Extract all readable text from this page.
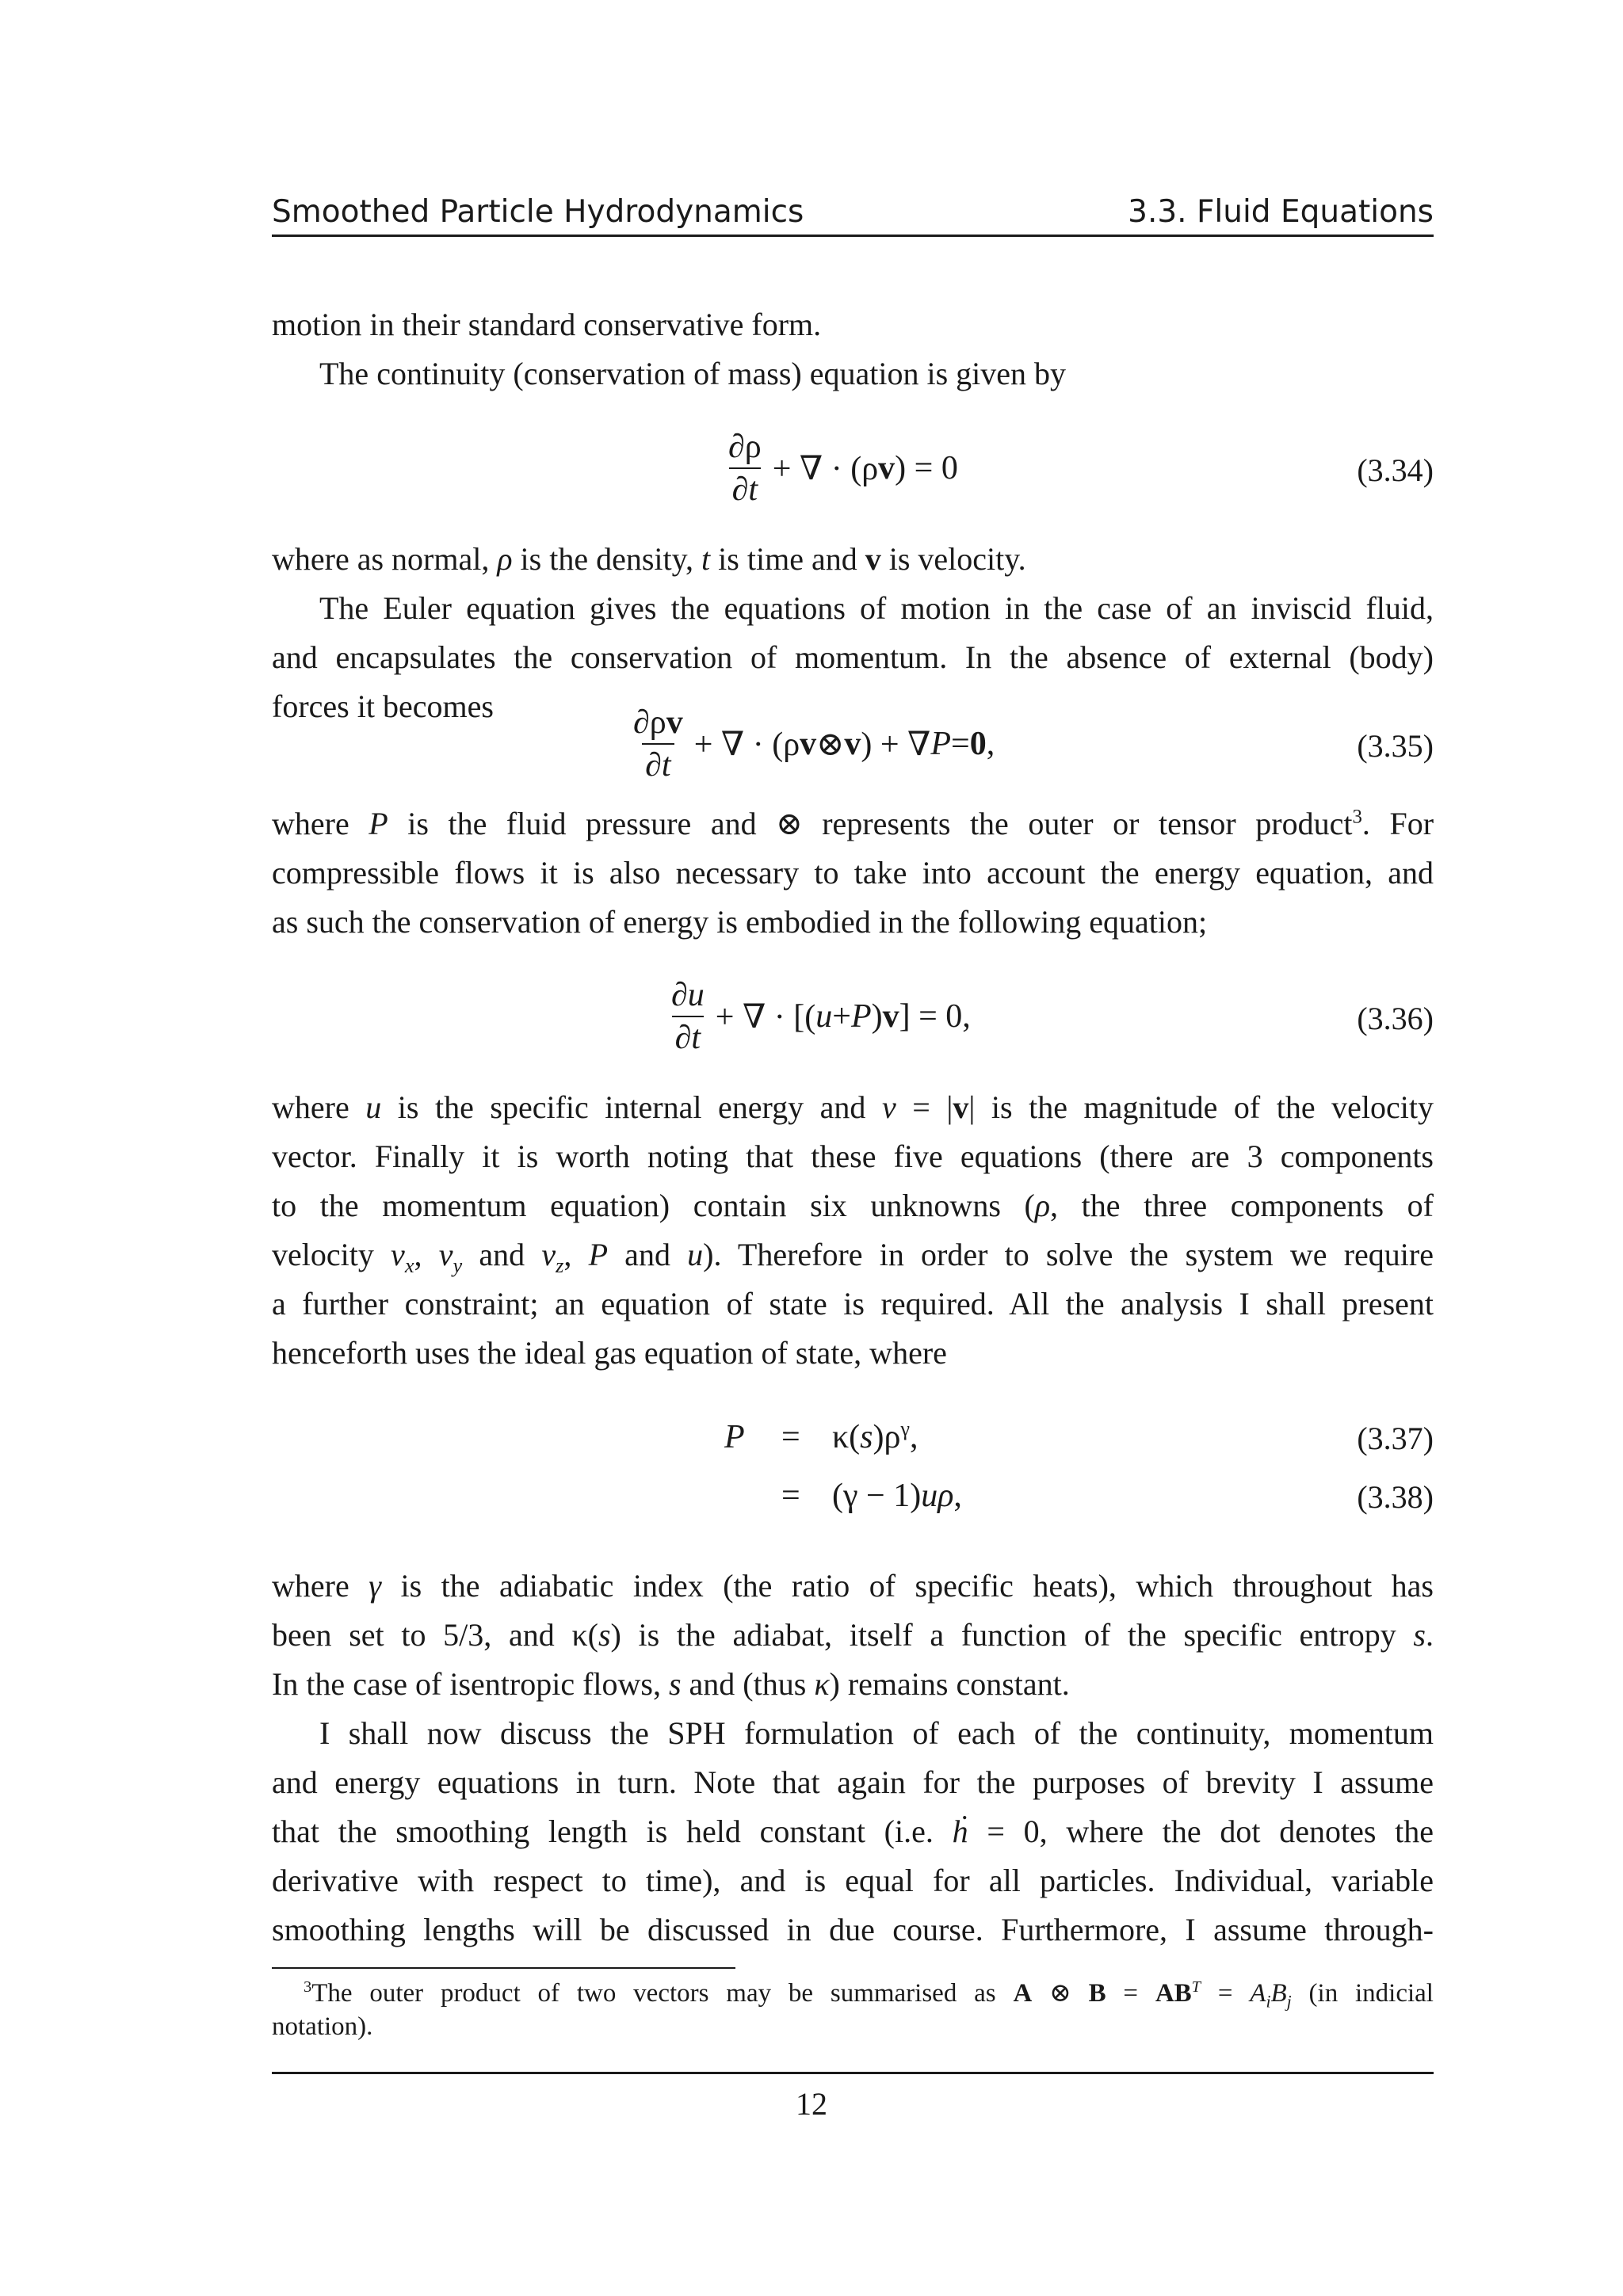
Smoothed Particle Hydrodynamics	3.3. Fluid Equations
motion in their standard conservative form.
The continuity (conservation of mass) equation is given by
$\frac{\partial\rho}{\partial t}$ + ∇ · (ρ v ) = 0	(3.34)
where as normal, ρ is the density, t is time and v is velocity.
The Euler equation gives the equations of motion in the case of an inviscid fluid,
and encapsulates the conservation of momentum. In the absence of external (body)
forces it becomes	$\frac{\partial\rho v}{\partial t}$ + ∇ · (ρ v ⊗ v ) + ∇ P = 0 ,	(3.35)
where P is the fluid pressure and ⊗ represents the outer or tensor product$^3$. For
compressible flows it is also necessary to take into account the energy equation, and
as such the conservation of energy is embodied in the following equation;
$\frac{\partial u}{\partial t}$ + ∇ · [( u + P ) v ] = 0,	(3.36)
where u is the specific internal energy and v = |v| is the magnitude of the velocity
vector. Finally it is worth noting that these five equations (there are 3 components
to the momentum equation) contain six unknowns (ρ, the three components of
velocity $v_x$, $v_y$ and $v_z$, P and u). Therefore in order to solve the system we require
a further constraint; an equation of state is required. All the analysis I shall present
henceforth uses the ideal gas equation of state, where
$P = \kappa(s)\rho^\gamma$,	(3.37)
= (γ − 1)uρ,	(3.38)
where γ is the adiabatic index (the ratio of specific heats), which throughout has
been set to 5/3, and κ(s) is the adiabat, itself a function of the specific entropy s.
In the case of isentropic flows, s and (thus κ) remains constant.
I shall now discuss the SPH formulation of each of the continuity, momentum
and energy equations in turn. Note that again for the purposes of brevity I assume
that the smoothing length is held constant (i.e. ḣ = 0, where the dot denotes the
derivative with respect to time), and is equal for all particles. Individual, variable
smoothing lengths will be discussed in due course. Furthermore, I assume through-
$^3$The outer product of two vectors may be summarised as A ⊗ $B = AB^T = A_iB_j$ (in indicial
notation).
12
